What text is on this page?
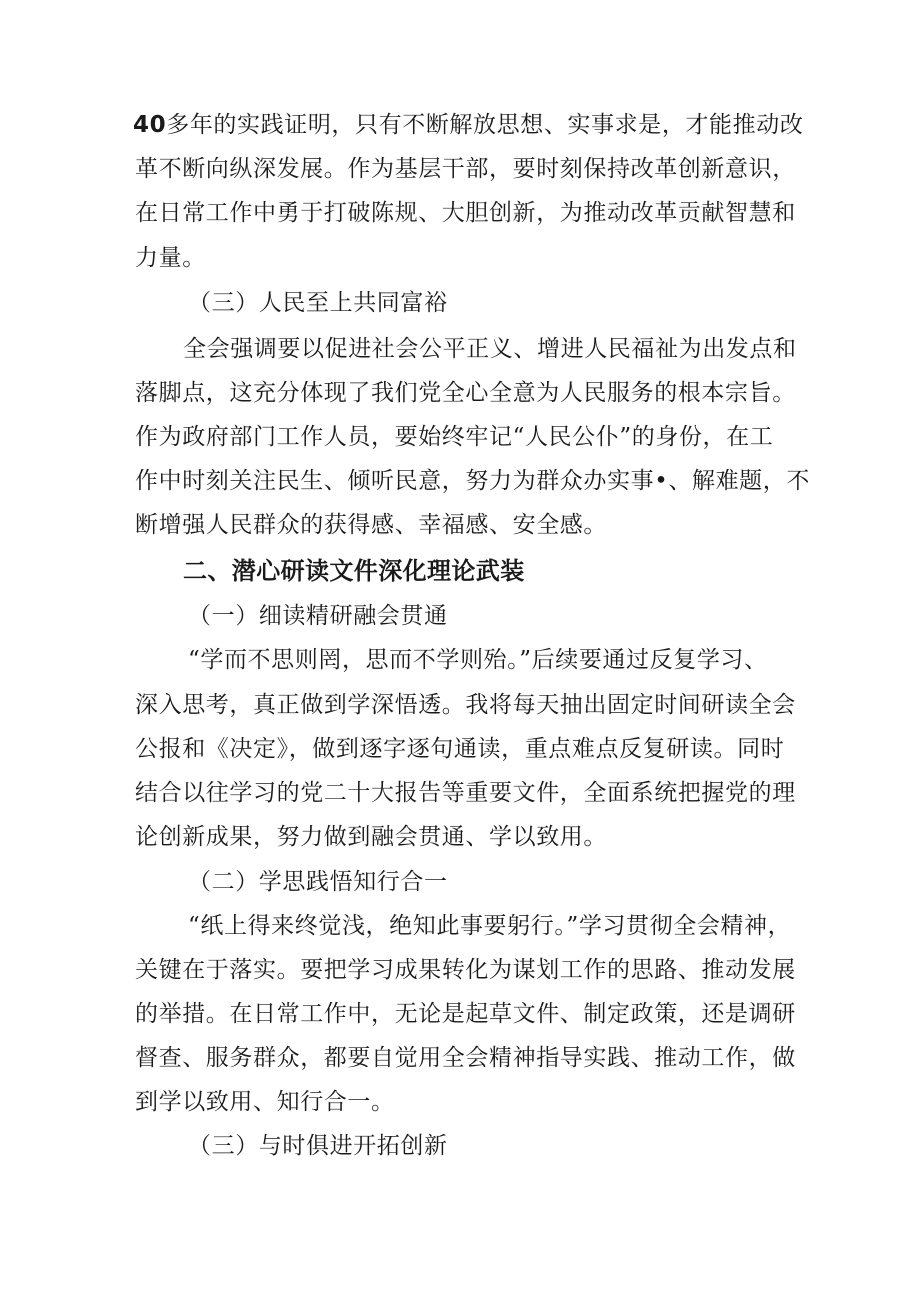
40多年的实践证明，只有不断解放思想、实事求是，才能推动改
革不断向纵深发展。作为基层干部，要时刻保持改革创新意识，
在日常工作中勇于打破陈规、大胆创新，为推动改革贡献智慧和
力量。
（三）人民至上共同富裕
全会强调要以促进社会公平正义、增进人民福祉为出发点和
落脚点，这充分体现了我们党全心全意为人民服务的根本宗旨。
作为政府部门工作人员，要始终牢记“人民公仆”的身份，在工
作中时刻关注民生、倾听民意，努力为群众办实事•、解难题，不
断增强人民群众的获得感、幸福感、安全感。
二、潜心研读文件深化理论武装
（一）细读精研融会贯通
“学而不思则罔，思而不学则殆。”后续要通过反复学习、
深入思考，真正做到学深悟透。我将每天抽出固定时间研读全会
公报和《决定》，做到逐字逐句通读，重点难点反复研读。同时
结合以往学习的党二十大报告等重要文件，全面系统把握党的理
论创新成果，努力做到融会贯通、学以致用。
（二）学思践悟知行合一
“纸上得来终觉浅，绝知此事要躬行。”学习贯彻全会精神，
关键在于落实。要把学习成果转化为谋划工作的思路、推动发展
的举措。在日常工作中，无论是起草文件、制定政策，还是调研
督查、服务群众，都要自觉用全会精神指导实践、推动工作，做
到学以致用、知行合一。
（三）与时俱进开拓创新
